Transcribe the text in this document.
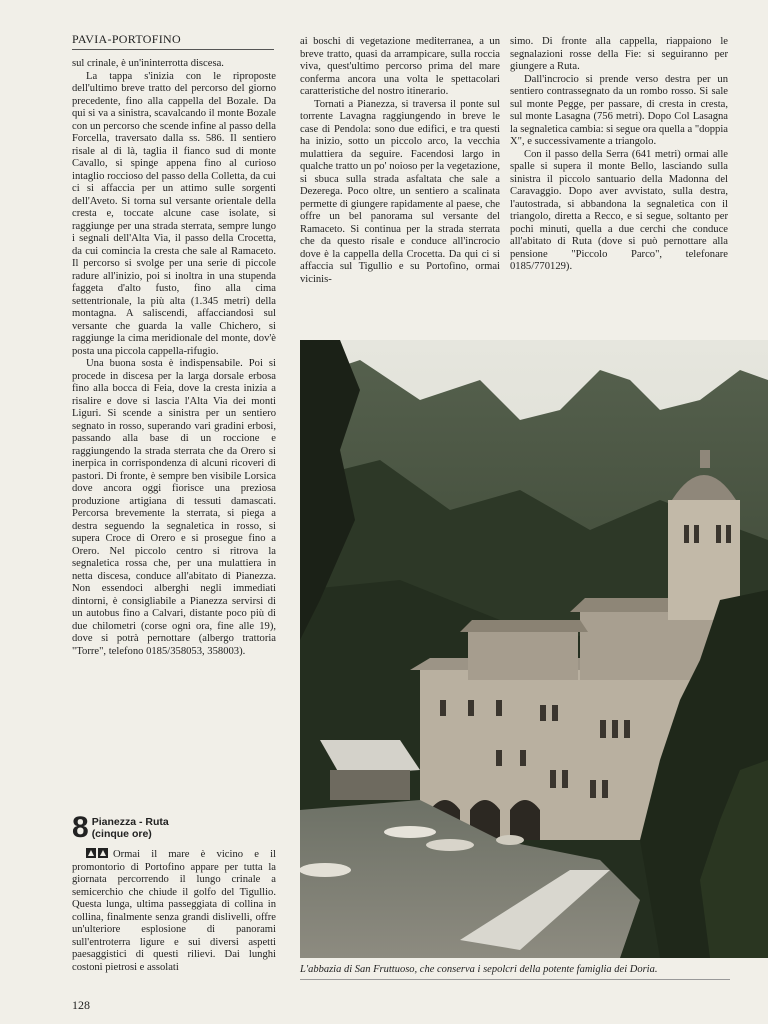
PAVIA-PORTOFINO

sul crinale, è un'ininterrotta discesa.

La tappa s'inizia con le riproposte dell'ultimo breve tratto del percorso del giorno precedente, fino alla cappella del Bozale. Da qui si va a sinistra, scavalcando il monte Bozale con un percorso che scende infine al passo della Forcella, traversato dalla ss. 586. Il sentiero risale al di là, taglia il fianco sud di monte Cavallo, si spinge appena fino al curioso intaglio roccioso del passo della Colletta, da cui ci si affaccia per un attimo sulle sorgenti dell'Aveto. Si torna sul versante orientale della cresta e, toccate alcune case isolate, si raggiunge per una strada sterrata, sempre lungo i segnali dell'Alta Via, il passo della Crocetta, da cui comincia la cresta che sale al Ramaceto. Il percorso si svolge per una serie di piccole radure all'inizio, poi si inoltra in una stupenda faggeta d'alto fusto, fino alla cima settentrionale, la più alta (1.345 metri) della montagna. A saliscendi, affacciandosi sul versante che guarda la valle Chichero, si raggiunge la cima meridionale del monte, dov'è posta una piccola cappella-rifugio.

Una buona sosta è indispensabile. Poi si procede in discesa per la larga dorsale erbosa fino alla bocca di Feia, dove la cresta inizia a risalire e dove si lascia l'Alta Via dei monti Liguri. Si scende a sinistra per un sentiero segnato in rosso, superando vari gradini erbosi, passando alla base di un roccione e raggiungendo la strada sterrata che da Orero si inerpica in corrispondenza di alcuni ricoveri di pastori. Di fronte, è sempre ben visibile Lorsica dove ancora oggi fiorisce una preziosa produzione artigiana di tessuti damascati. Percorsa brevemente la sterrata, si piega a destra seguendo la segnaletica in rosso, si supera Croce di Orero e si prosegue fino a Orero. Nel piccolo centro si ritrova la segnaletica rossa che, per una mulattiera in netta discesa, conduce all'abitato di Pianezza. Non essendoci alberghi negli immediati dintorni, è consigliabile a Pianezza servirsi di un autobus fino a Calvari, distante poco più di due chilometri (corse ogni ora, fine alle 19), dove si potrà pernottare (albergo trattoria "Torre", telefono 0185/358053, 358003).

8 Pianezza - Ruta
(cinque ore)

Ormai il mare è vicino e il promontorio di Portofino appare per tutta la giornata percorrendo il lungo crinale a semicerchio che chiude il golfo del Tigullio. Questa lunga, ultima passeggiata di collina in collina, finalmente senza grandi dislivelli, offre un'ulteriore esplosione di panorami sull'entroterra ligure e sui diversi aspetti paesaggistici di questi rilievi. Dai lunghi costoni pietrosi e assolati

ai boschi di vegetazione mediterranea, a un breve tratto, quasi da arrampicare, sulla roccia viva, quest'ultimo percorso prima del mare conferma ancora una volta le spettacolari caratteristiche del nostro itinerario.

Tornati a Pianezza, si traversa il ponte sul torrente Lavagna raggiungendo in breve le case di Pendola: sono due edifici, e tra questi ha inizio, sotto un piccolo arco, la vecchia mulattiera da seguire. Facendosi largo in qualche tratto un po' noioso per la vegetazione, si sbuca sulla strada asfaltata che sale a Dezerega. Poco oltre, un sentiero a scalinata permette di giungere rapidamente al paese, che offre un bel panorama sul versante del Ramaceto. Si continua per la strada sterrata che da questo risale e conduce all'incrocio dove è la cappella della Crocetta. Da qui ci si affaccia sul Tigullio e su Portofino, ormai vicinis-

simo. Di fronte alla cappella, riappaiono le segnalazioni rosse della Fie: si seguiranno per giungere a Ruta.

Dall'incrocio si prende verso destra per un sentiero contrassegnato da un rombo rosso. Si sale sul monte Pegge, per passare, di cresta in cresta, sul monte Lasagna (756 metri). Dopo Col Lasagna la segnaletica cambia: si segue ora quella a "doppia X", e successivamente a triangolo.

Con il passo della Serra (641 metri) ormai alle spalle si supera il monte Bello, lasciando sulla sinistra il piccolo santuario della Madonna del Caravaggio. Dopo aver avvistato, sulla destra, l'autostrada, si abbandona la segnaletica con il triangolo, diretta a Recco, e si segue, soltanto per pochi minuti, quella a due cerchi che conduce all'abitato di Ruta (dove si può pernottare alla pensione "Piccolo Parco", telefonare 0185/770129).

L'abbazia di San Fruttuoso, che conserva i sepolcri della potente famiglia dei Doria.
128
